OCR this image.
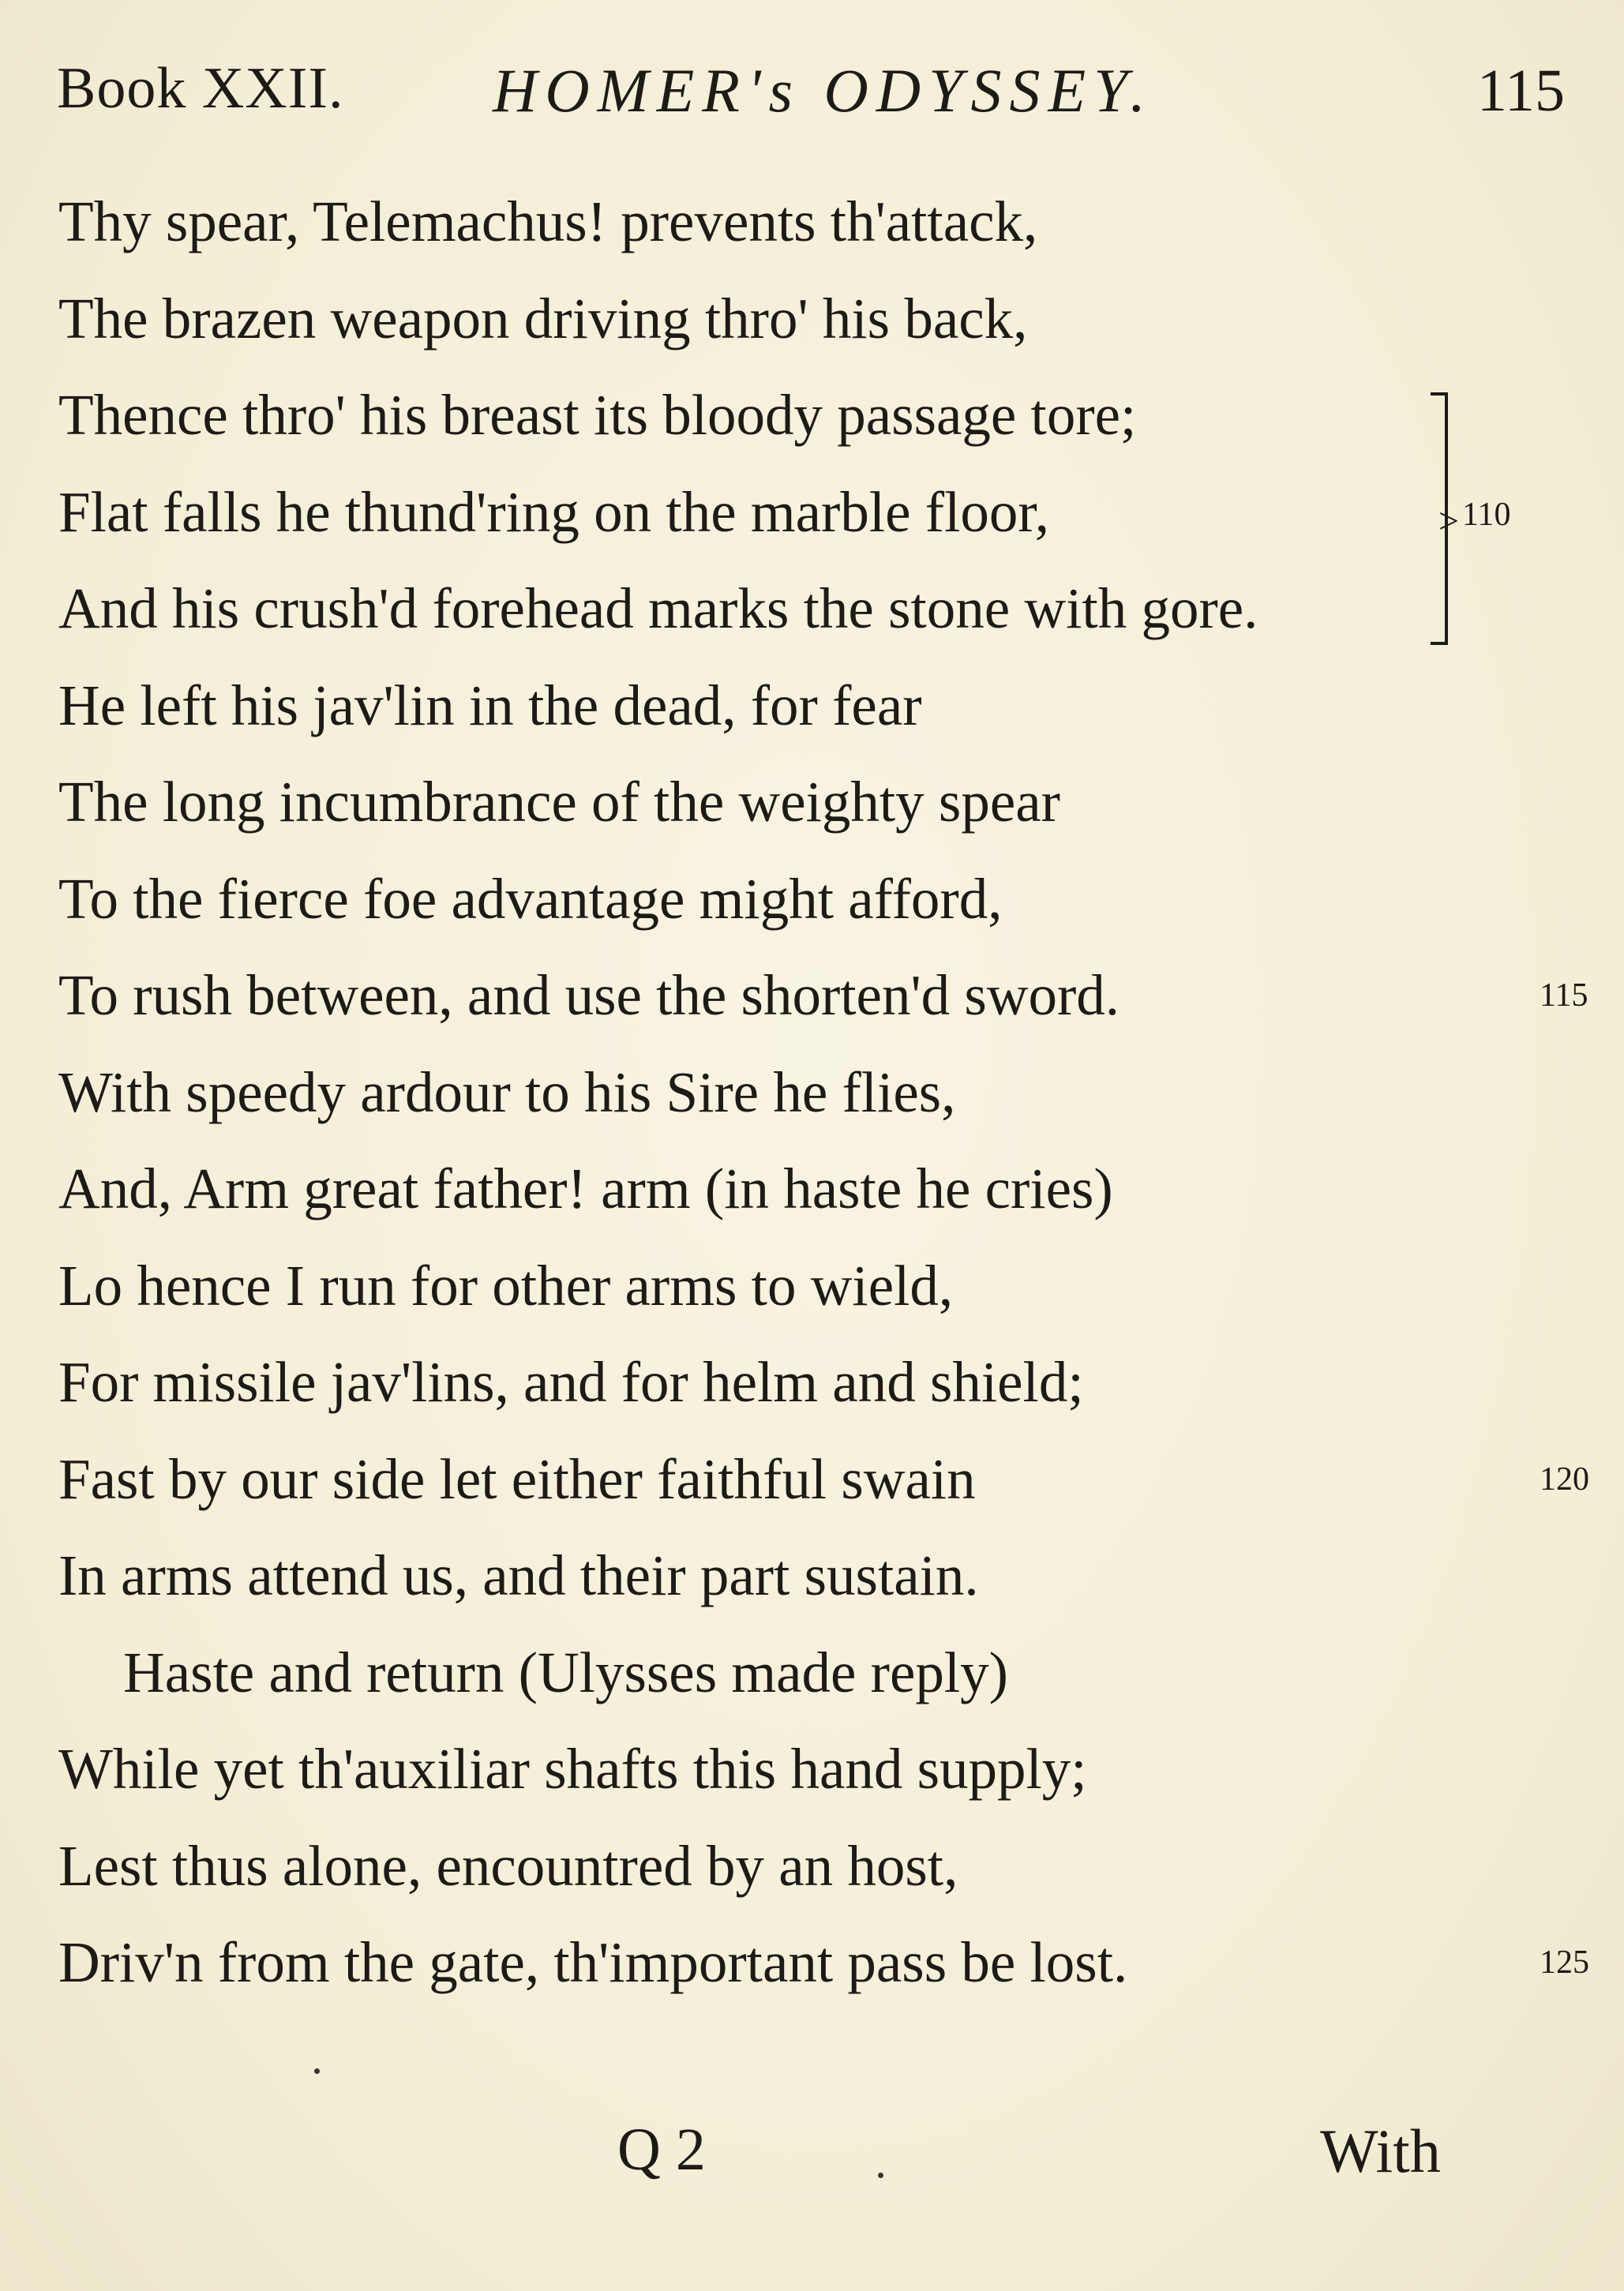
Book XXII. HOMER's ODYSSEY.	115
Thy spear, Telemachus! prevents th'attack,
The brazen weapon driving thro' his back,
Thence thro' his breast its bloody passage tore;
Flat falls he thund'ring on the marble floor,
And his crush'd forehead marks the stone with gore.
He left his jav'lin in the dead, for fear
The long incumbrance of the weighty spear
To the fierce foe advantage might afford,
To rush between, and use the shorten'd sword.	115
With speedy ardour to his Sire he flies,
And, Arm great father! arm (in haste he cries)
Lo hence I run for other arms to wield,
For missile jav'lins, and for helm and shield;
Fast by our side let either faithful swain	120
In arms attend us, and their part sustain.
Haste and return (Ulysses made reply)
While yet th'auxiliar shafts this hand supply;
Lest thus alone, encountred by an host,
Driv'n from the gate, th'important pass be lost.	125
> 110
Q 2	With
